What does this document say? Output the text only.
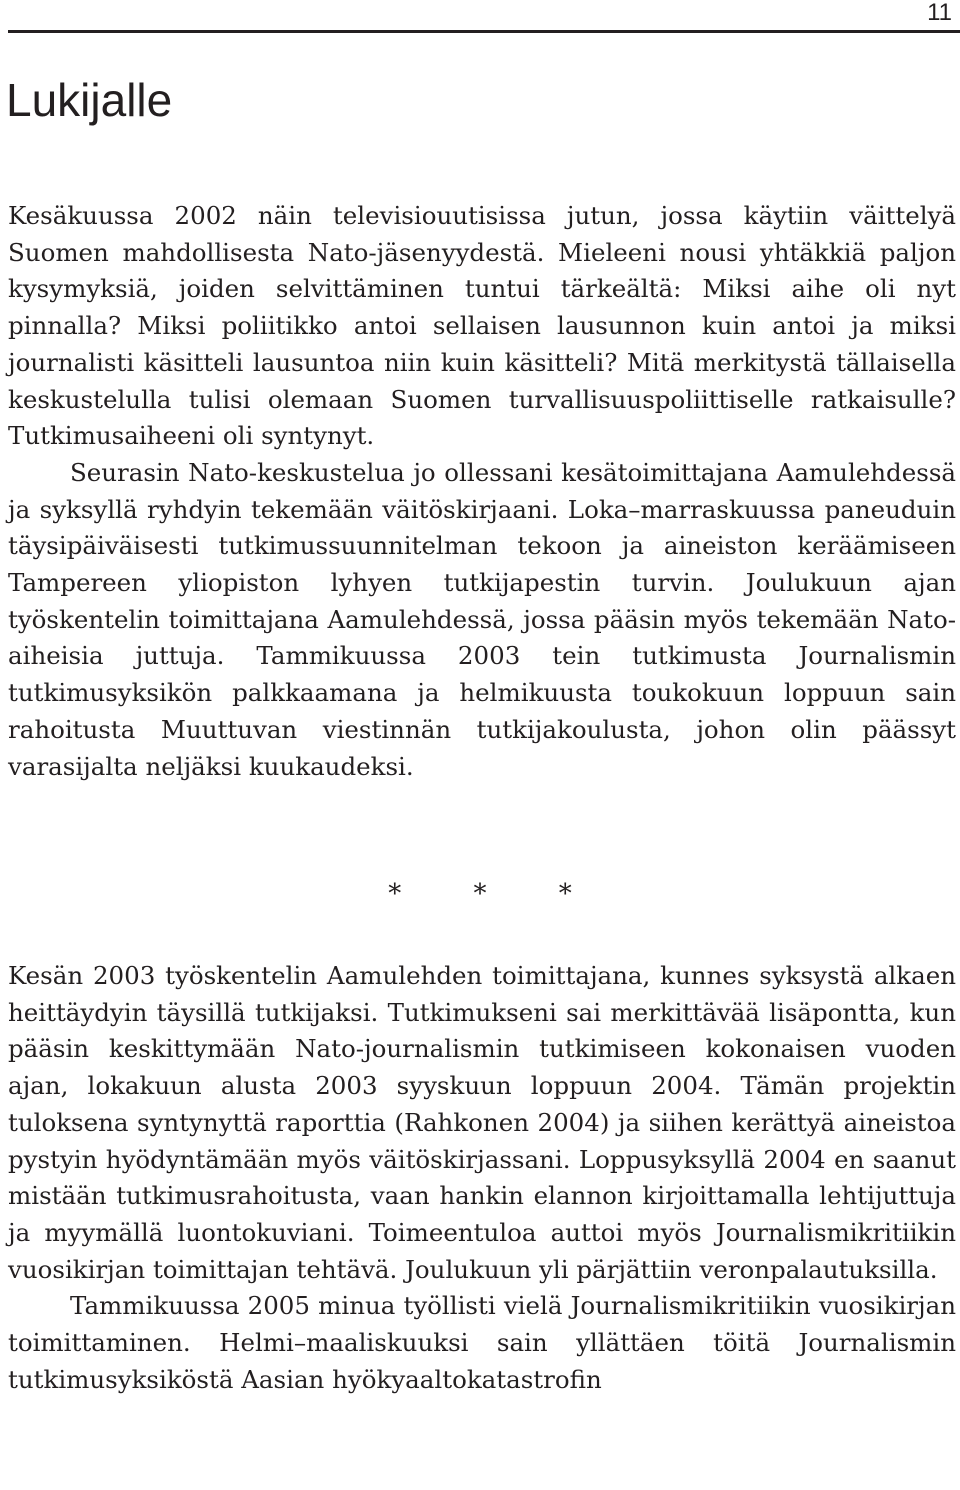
11
Lukijalle

Kesäkuussa 2002 näin televisiouutisissa jutun, jossa käytiin väittelyä Suomen mahdollisesta Nato-jäsenyydestä. Mieleeni nousi yhtäkkiä paljon kysymyksiä, joiden selvittäminen tuntui tärkeältä: Miksi aihe oli nyt pinnalla? Miksi poliitikko antoi sellaisen lausunnon kuin antoi ja miksi journalisti käsitteli lausuntoa niin kuin käsitteli? Mitä merkitystä tällaisella keskustelulla tulisi olemaan Suomen turvallisuuspoliittiselle ratkaisulle? Tutkimusaiheeni oli syntynyt.

Seurasin Nato-keskustelua jo ollessani kesätoimittajana Aamulehdessä ja syksyllä ryhdyin tekemään väitöskirjaani. Loka–marraskuussa paneuduin täysipäiväisesti tutkimussuunnitelman tekoon ja aineiston keräämiseen Tampereen yliopiston lyhyen tutkijapestin turvin. Joulukuun ajan työskentelin toimittajana Aamulehdessä, jossa pääsin myös tekemään Nato-aiheisia juttuja. Tammikuussa 2003 tein tutkimusta Journalismin tutkimusyksikön palkkaamana ja helmikuusta toukokuun loppuun sain rahoitusta Muuttuvan viestinnän tutkijakoulusta, johon olin päässyt varasijalta neljäksi kuukaudeksi.

* * *

Kesän 2003 työskentelin Aamulehden toimittajana, kunnes syksystä alkaen heittäydyin täysillä tutkijaksi. Tutkimukseni sai merkittävää lisäpontta, kun pääsin keskittymään Nato-journalismin tutkimiseen kokonaisen vuoden ajan, lokakuun alusta 2003 syyskuun loppuun 2004. Tämän projektin tuloksena syntynyttä raporttia (Rahkonen 2004) ja siihen kerättyä aineistoa pystyin hyödyntämään myös väitöskirjassani. Loppusyksyllä 2004 en saanut mistään tutkimusrahoitusta, vaan hankin elannon kirjoittamalla lehtijuttuja ja myymällä luontokuviani. Toimeentuloa auttoi myös Journalismikritiikin vuosikirjan toimittajan tehtävä. Joulukuun yli pärjättiin veronpalautuksilla.

Tammikuussa 2005 minua työllisti vielä Journalismikritiikin vuosikirjan toimittaminen. Helmi–maaliskuuksi sain yllättäen töitä Journalismin tutkimusyksiköstä Aasian hyökyaaltokatastrofin
